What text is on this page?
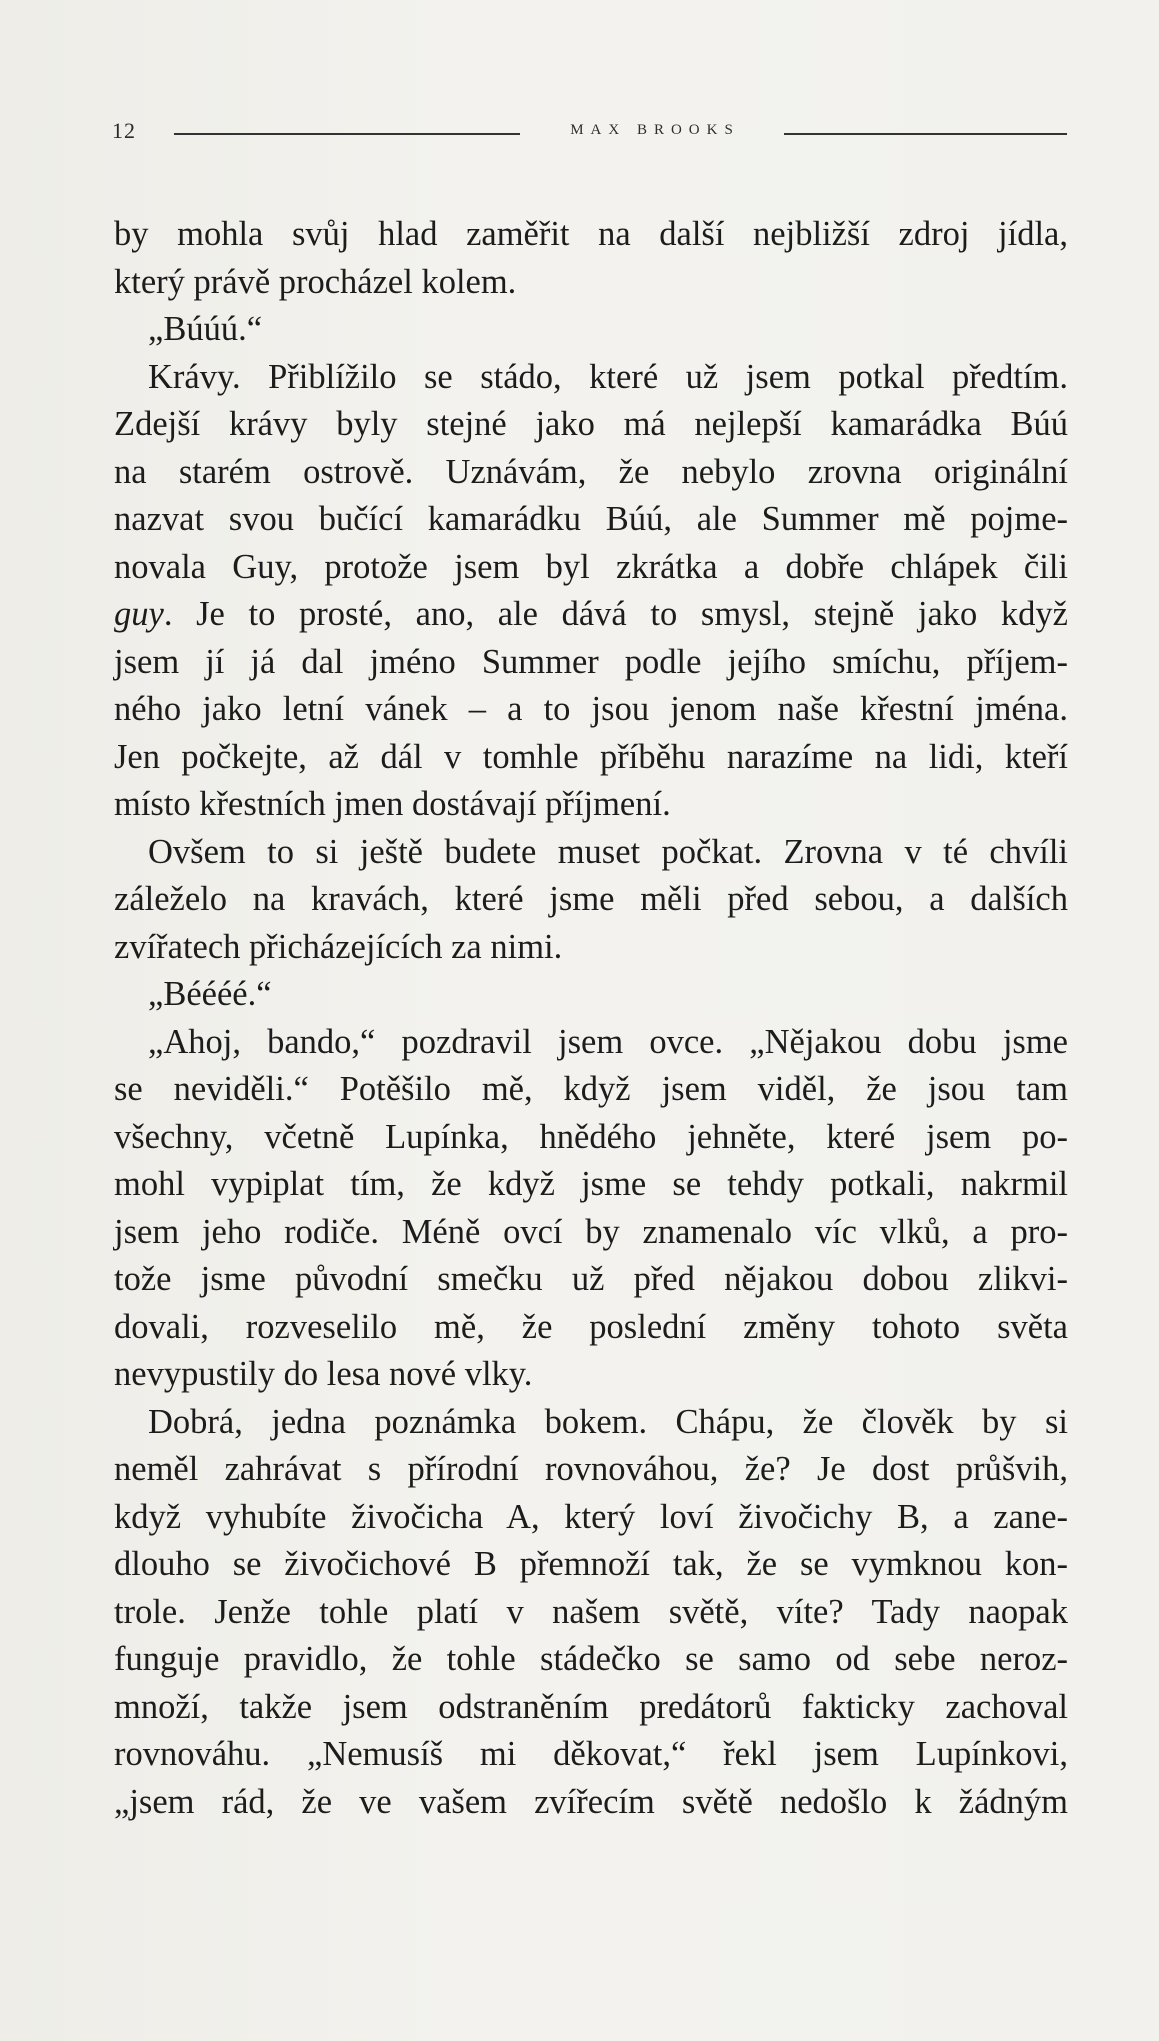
12	MAX BROOKS
by mohla svůj hlad zaměřit na další nejbližší zdroj jídla,
který právě procházel kolem.
„Búúú.“
Krávy. Přiblížilo se stádo, které už jsem potkal předtím.
Zdejší krávy byly stejné jako má nejlepší kamarádka Búú
na starém ostrově. Uznávám, že nebylo zrovna originální
nazvat svou bučící kamarádku Búú, ale Summer mě pojme-
novala Guy, protože jsem byl zkrátka a dobře chlápek čili
guy. Je to prosté, ano, ale dává to smysl, stejně jako když
jsem jí já dal jméno Summer podle jejího smíchu, příjem-
ného jako letní vánek – a to jsou jenom naše křestní jména.
Jen počkejte, až dál v tomhle příběhu narazíme na lidi, kteří
místo křestních jmen dostávají příjmení.
Ovšem to si ještě budete muset počkat. Zrovna v té chvíli
záleželo na kravách, které jsme měli před sebou, a dalších
zvířatech přicházejících za nimi.
„Béééé.“
„Ahoj, bando,“ pozdravil jsem ovce. „Nějakou dobu jsme
se neviděli.“ Potěšilo mě, když jsem viděl, že jsou tam
všechny, včetně Lupínka, hnědého jehněte, které jsem po-
mohl vypiplat tím, že když jsme se tehdy potkali, nakrmil
jsem jeho rodiče. Méně ovcí by znamenalo víc vlků, a pro-
tože jsme původní smečku už před nějakou dobou zlikvi-
dovali, rozveselilo mě, že poslední změny tohoto světa
nevypustily do lesa nové vlky.
Dobrá, jedna poznámka bokem. Chápu, že člověk by si
neměl zahrávat s přírodní rovnováhou, že? Je dost průšvih,
když vyhubíte živočicha A, který loví živočichy B, a zane-
dlouho se živočichové B přemnoží tak, že se vymknou kon-
trole. Jenže tohle platí v našem světě, víte? Tady naopak
funguje pravidlo, že tohle stádečko se samo od sebe neroz-
množí, takže jsem odstraněním predátorů fakticky zachoval
rovnováhu. „Nemusíš mi děkovat,“ řekl jsem Lupínkovi,
„jsem rád, že ve vašem zvířecím světě nedošlo k žádným
